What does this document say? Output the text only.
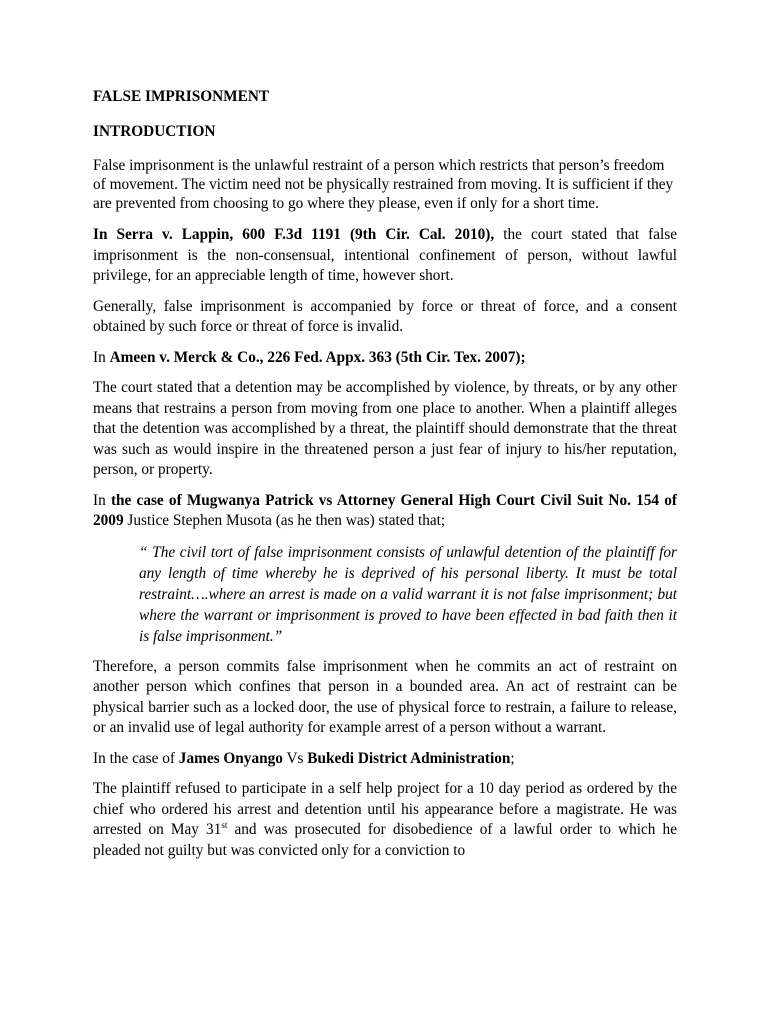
FALSE IMPRISONMENT
INTRODUCTION

False imprisonment is the unlawful restraint of a person which restricts that person’s freedom of movement. The victim need not be physically restrained from moving. It is sufficient if they are prevented from choosing to go where they please, even if only for a short time.

In Serra v. Lappin, 600 F.3d 1191 (9th Cir. Cal. 2010), the court stated that false imprisonment is the non-consensual, intentional confinement of person, without lawful privilege, for an appreciable length of time, however short.

Generally, false imprisonment is accompanied by force or threat of force, and a consent obtained by such force or threat of force is invalid.

In Ameen v. Merck & Co., 226 Fed. Appx. 363 (5th Cir. Tex. 2007);

The court stated that a detention may be accomplished by violence, by threats, or by any other means that restrains a person from moving from one place to another. When a plaintiff alleges that the detention was accomplished by a threat, the plaintiff should demonstrate that the threat was such as would inspire in the threatened person a just fear of injury to his/her reputation, person, or property.

In the case of Mugwanya Patrick vs Attorney General High Court Civil Suit No. 154 of 2009 Justice Stephen Musota (as he then was) stated that;

“ The civil tort of false imprisonment consists of unlawful detention of the plaintiff for any length of time whereby he is deprived of his personal liberty. It must be total restraint….where an arrest is made on a valid warrant it is not false imprisonment; but where the warrant or imprisonment is proved to have been effected in bad faith then it is false imprisonment.”

Therefore, a person commits false imprisonment when he commits an act of restraint on another person which confines that person in a bounded area. An act of restraint can be physical barrier such as a locked door, the use of physical force to restrain, a failure to release, or an invalid use of legal authority for example arrest of a person without a warrant.

In the case of James Onyango Vs Bukedi District Administration;

The plaintiff refused to participate in a self help project for a 10 day period as ordered by the chief who ordered his arrest and detention until his appearance before a magistrate. He was arrested on May 31st and was prosecuted for disobedience of a lawful order to which he pleaded not guilty but was convicted only for a conviction to
